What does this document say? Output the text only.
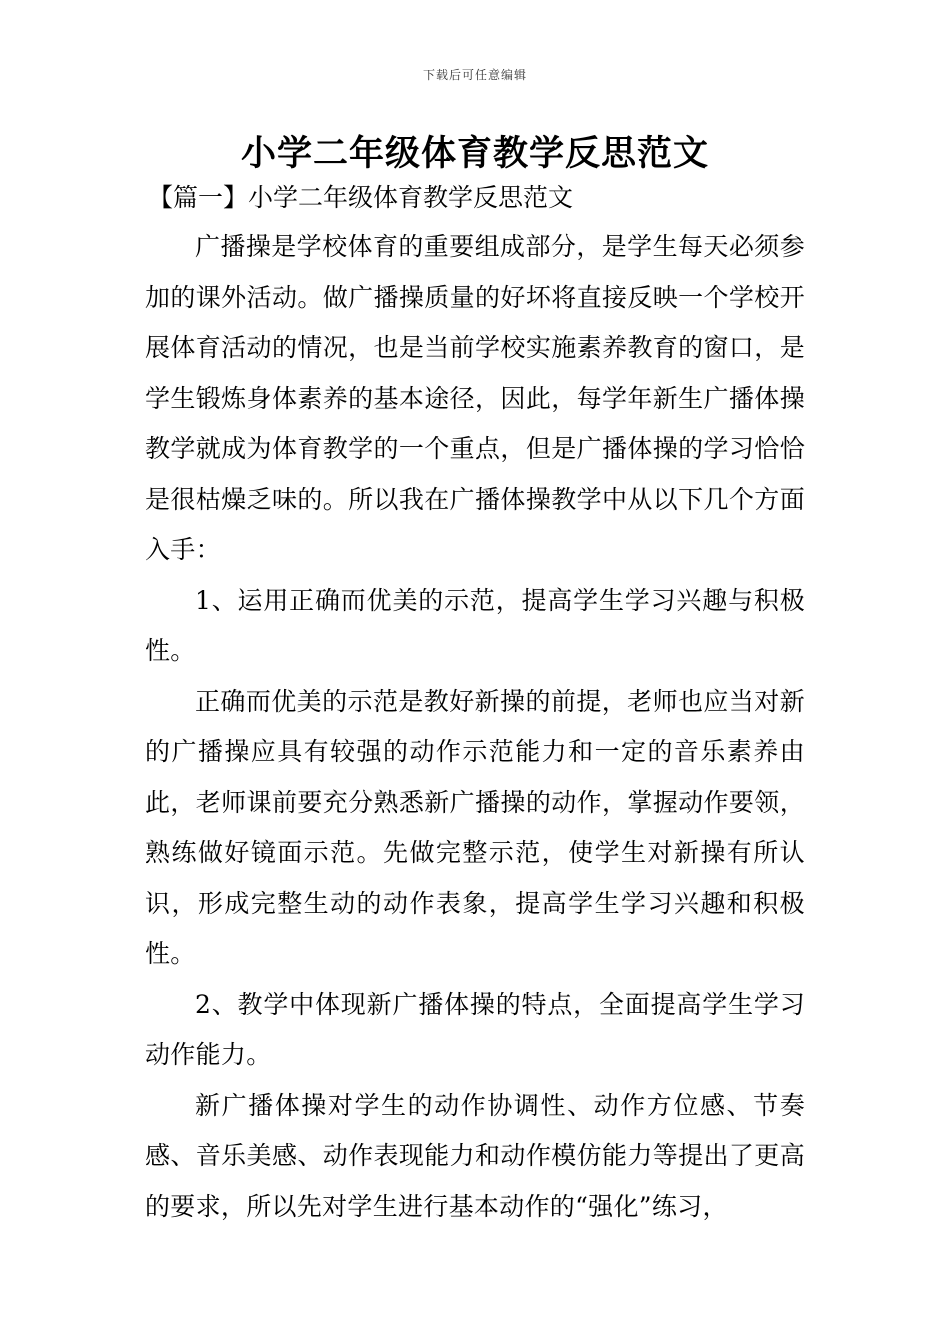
下载后可任意编辑
小学二年级体育教学反思范文
【篇一】小学二年级体育教学反思范文

广播操是学校体育的重要组成部分，是学生每天必须参加的课外活动。做广播操质量的好坏将直接反映一个学校开展体育活动的情况，也是当前学校实施素养教育的窗口，是学生锻炼身体素养的基本途径，因此，每学年新生广播体操教学就成为体育教学的一个重点，但是广播体操的学习恰恰是很枯燥乏味的。所以我在广播体操教学中从以下几个方面入手：

1、运用正确而优美的示范，提高学生学习兴趣与积极性。

正确而优美的示范是教好新操的前提，老师也应当对新的广播操应具有较强的动作示范能力和一定的音乐素养由此，老师课前要充分熟悉新广播操的动作，掌握动作要领，熟练做好镜面示范。先做完整示范，使学生对新操有所认识，形成完整生动的动作表象，提高学生学习兴趣和积极性。

2、教学中体现新广播体操的特点，全面提高学生学习动作能力。

新广播体操对学生的动作协调性、动作方位感、节奏感、音乐美感、动作表现能力和动作模仿能力等提出了更高的要求，所以先对学生进行基本动作的“强化”练习，
